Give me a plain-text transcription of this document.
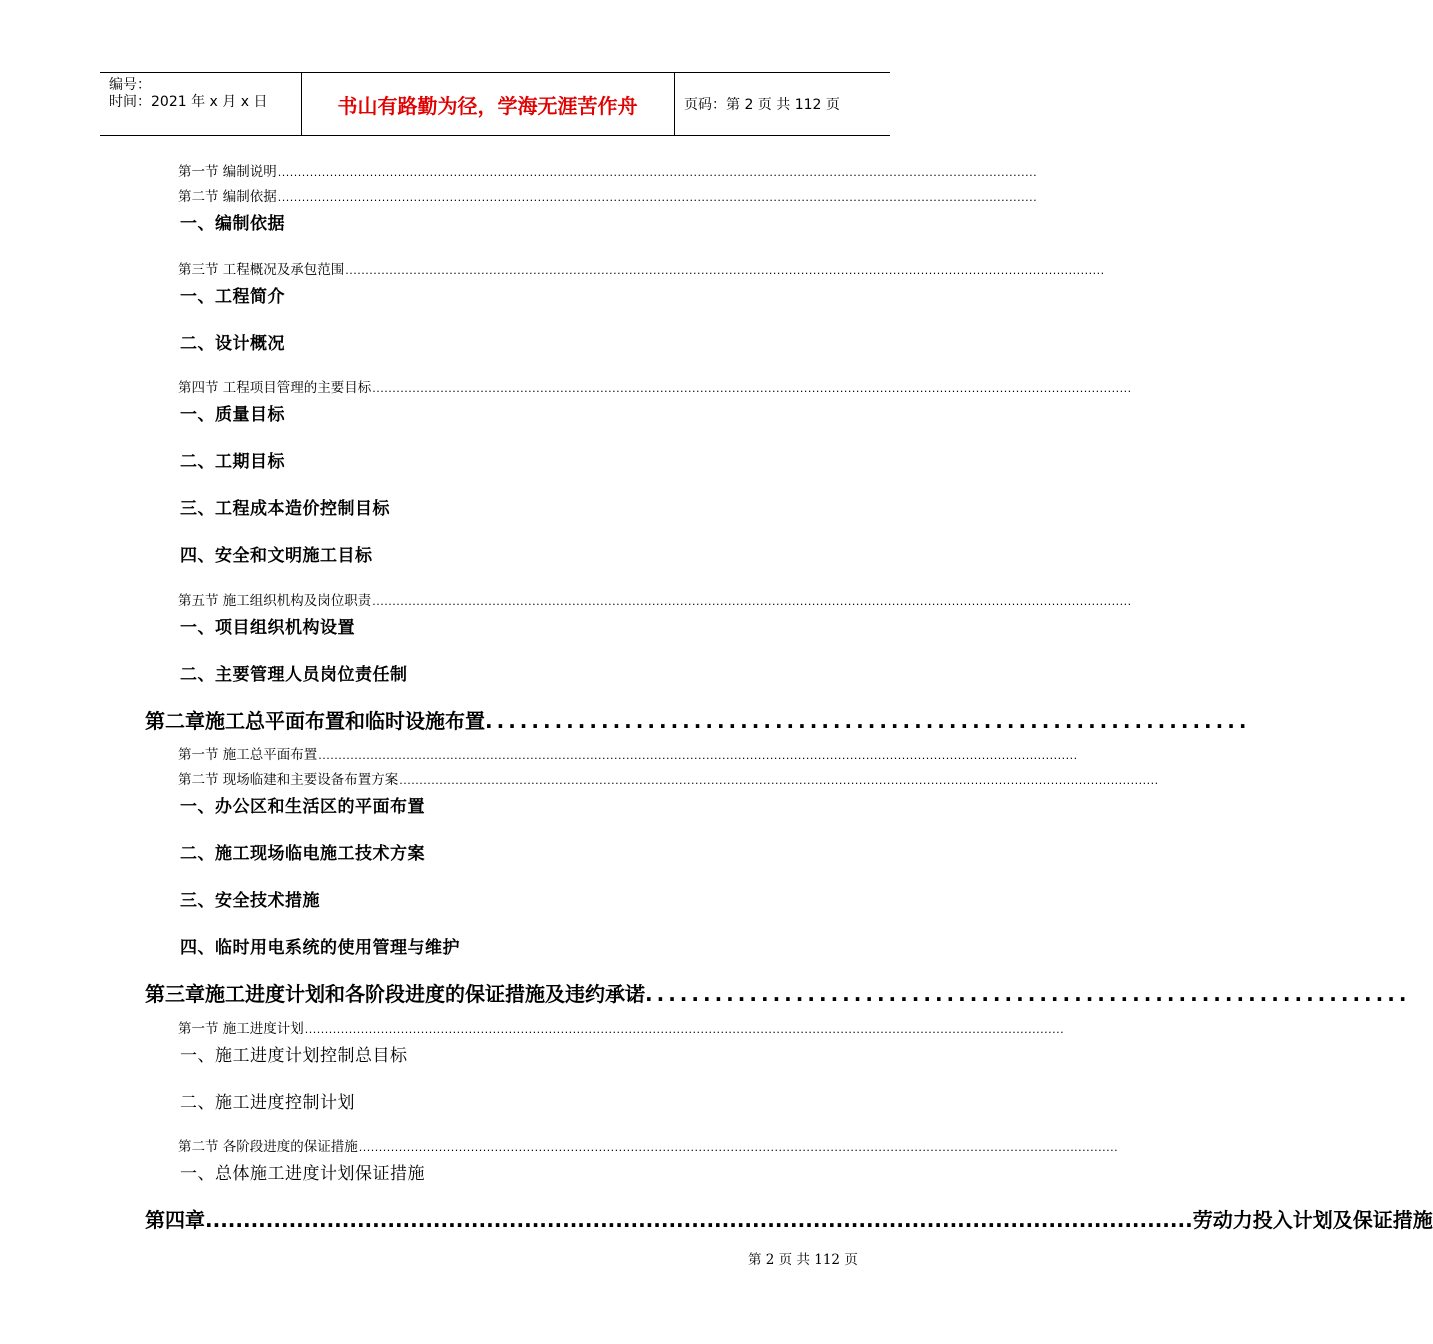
编号：
时间：2021 年 x 月 x 日	书山有路勤为径，学海无涯苦作舟	页码：第 2 页 共 112 页
第一节 编制说明 ..............................................................................................................................................................................................
第二节 编制依据 ..............................................................................................................................................................................................
一、编制依据
第三节 工程概况及承包范围 ..............................................................................................................................................................................................
一、工程简介
二、设计概况
第四节 工程项目管理的主要目标 ..............................................................................................................................................................................................
一、质量目标
二、工期目标
三、工程成本造价控制目标
四、安全和文明施工目标
第五节 施工组织机构及岗位职责 ..............................................................................................................................................................................................
一、项目组织机构设置
二、主要管理人员岗位责任制
第二章 施工总平面布置和临时设施布置 ..................................................................
第一节 施工总平面布置 ..............................................................................................................................................................................................
第二节 现场临建和主要设备布置方案 ..............................................................................................................................................................................................
一、办公区和生活区的平面布置
二、施工现场临电施工技术方案
三、安全技术措施
四、临时用电系统的使用管理与维护
第三章 施工进度计划和各阶段进度的保证措施及违约承诺 ..................................................................
第一节 施工进度计划 ..............................................................................................................................................................................................
一、施工进度计划控制总目标
二、施工进度控制计划
第二节 各阶段进度的保证措施 ..............................................................................................................................................................................................
一、总体施工进度计划保证措施
第四章 .................................................................................................................................. 劳动力投入计划及保证措施
第 2 页 共 112 页
